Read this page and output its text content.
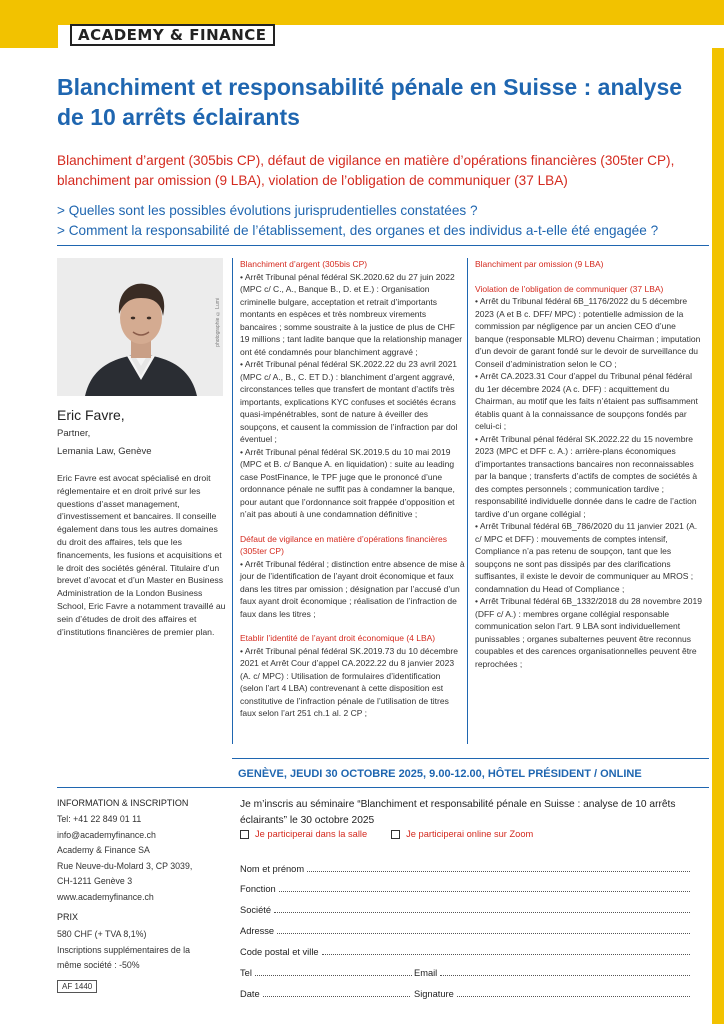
ACADEMY & FINANCE
Blanchiment et responsabilité pénale en Suisse : analyse de 10 arrêts éclairants
Blanchiment d’argent (305bis CP), défaut de vigilance en matière d’opérations financières (305ter CP), blanchiment par omission (9 LBA), violation de l’obligation de communiquer (37 LBA)
> Quelles sont les possibles évolutions jurisprudentielles constatées ?
> Comment la responsabilité de l’établissement, des organes et des individus a-t-elle été engagée ?
photographie © Lumi
Eric Favre,
Partner,
Lemania Law, Genève
Eric Favre est avocat spécialisé en droit réglementaire et en droit privé sur les questions d’asset management, d’investissement et bancaires. Il conseille également dans tous les autres domaines du droit des affaires, tels que les financements, les fusions et acquisitions et le droit des sociétés général. Titulaire d’un brevet d’avocat et d’un Master en Business Administration de la London Business School, Eric Favre a notamment travaillé au sein d’études de droit des affaires et d’institutions financières de premier plan.

Blanchiment d’argent (305bis CP)

• Arrêt Tribunal pénal fédéral SK.2020.62 du 27 juin 2022 (MPC c/ C., A., Banque B., D. et E.) : Organisation criminelle bulgare, acceptation et retrait d’importants montants en espèces et très nombreux virements bancaires ; somme soustraite à la justice de plus de CHF 19 millions ; tant ladite banque que la relationship manager ont été condamnés pour blanchiment aggravé ;

• Arrêt Tribunal pénal fédéral SK.2022.22 du 23 avril 2021 (MPC c/ A., B., C. ET D.) : blanchiment d’argent aggravé, circonstances telles que transfert de montant d’actifs très importants, explications KYC confuses et sociétés écrans quasi-impénétrables, sont de nature à éveiller des soupçons, et causent la commission de l’infraction par dol éventuel ;

• Arrêt Tribunal pénal fédéral SK.2019.5 du 10 mai 2019 (MPC et B. c/ Banque A. en liquidation) : suite au leading case PostFinance, le TPF juge que le prononcé d’une ordonnance pénale ne suffit pas à condamner la banque, pour autant que l’ordonnance soit frappée d’opposition et n’ait pas abouti à une condamnation définitive ;

Défaut de vigilance en matière d’opérations financières (305ter CP)

• Arrêt Tribunal fédéral ; distinction entre absence de mise à jour de l’identification de l’ayant droit économique et faux dans les titres par omission ; désignation par l’accusé d’un faux ayant droit économique ; réalisation de l’infraction de faux dans les titres ;

Etablir l’identité de l’ayant droit économique (4 LBA)

• Arrêt Tribunal pénal fédéral SK.2019.73 du 10 décembre 2021 et Arrêt Cour d’appel CA.2022.22 du 8 janvier 2023 (A. c/ MPC) : Utilisation de formulaires d’identification (selon l’art 4 LBA) contrevenant à cette disposition est constitutive de l’infraction pénale de l’utilisation de titres faux selon l’art 251 ch.1 al. 2 CP ;

Blanchiment par omission (9 LBA)

Violation de l’obligation de communiquer (37 LBA)

• Arrêt du Tribunal fédéral 6B_1176/2022 du 5 décembre 2023 (A et B c. DFF/ MPC) : potentielle admission de la commission par négligence par un ancien CEO d’une banque (responsable MLRO) devenu Chairman ; imputation d’un devoir de garant fondé sur le devoir de surveillance du Conseil d’administration selon le CO ;

• Arrêt CA.2023.31 Cour d’appel du Tribunal pénal fédéral du 1er décembre 2024 (A c. DFF) : acquittement du Chairman, au motif que les faits n’étaient pas suffisamment établis quant à la connaissance de soupçons fondés par celui-ci ;

• Arrêt Tribunal pénal fédéral SK.2022.22 du 15 novembre 2023 (MPC et DFF c. A.) : arrière-plans économiques d’importantes transactions bancaires non reconnaissables par la banque ; transferts d’actifs de comptes de sociétés à des comptes personnels ; communication tardive ; responsabilité individuelle donnée dans le cadre de l’action tardive d’un organe collégial ;

• Arrêt Tribunal fédéral 6B_786/2020 du 11 janvier 2021 (A. c/ MPC et DFF) : mouvements de comptes intensif, Compliance n’a pas retenu de soupçon, tant que les soupçons ne sont pas dissipés par des clarifications suffisantes, il existe le devoir de communiquer au MROS ; condamnation du Head of Compliance ;

• Arrêt Tribunal fédéral 6B_1332/2018 du 28 novembre 2019 (DFF c/ A.) : membres organe collégial responsable communication selon l’art. 9 LBA sont individuellement punissables ; organes subalternes peuvent être reconnus coupables et des carences organisationnelles peuvent être reprochées ;

GENÈVE, JEUDI 30 OCTOBRE 2025, 9.00-12.00, HÔTEL PRÉSIDENT / ONLINE
INFORMATION & INSCRIPTION
Tel: +41 22 849 01 11
info@academyfinance.ch
Academy & Finance SA
Rue Neuve-du-Molard 3, CP 3039,
CH-1211 Genève 3
www.academyfinance.ch
PRIX
580 CHF (+ TVA 8,1%)
Inscriptions supplémentaires de la
même société : -50%
AF 1440
Je m’inscris au séminaire “Blanchiment et responsabilité pénale en Suisse : analyse de 10 arrêts éclairants” le 30 octobre 2025
Je participerai dans la salle	Je participerai online sur Zoom
Nom et prénom
Fonction
Société
Adresse
Code postal et ville
Tel	Email
Date	Signature
